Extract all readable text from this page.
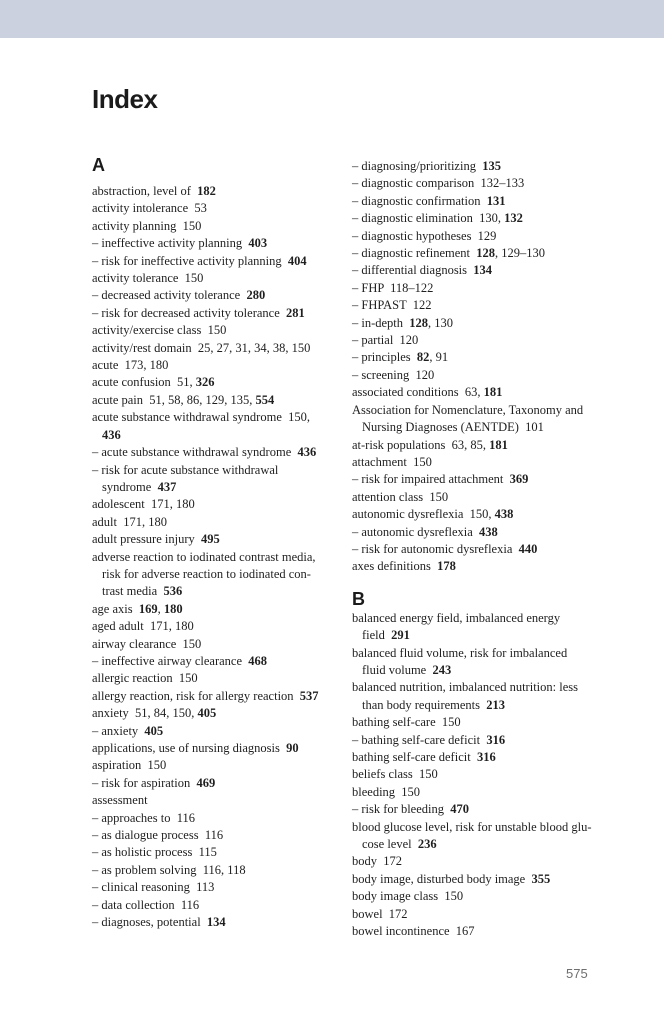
Index
A
abstraction, level of  182
activity intolerance  53
activity planning  150
– ineffective activity planning  403
– risk for ineffective activity planning  404
activity tolerance  150
– decreased activity tolerance  280
– risk for decreased activity tolerance  281
activity/exercise class  150
activity/rest domain  25, 27, 31, 34, 38, 150
acute  173, 180
acute confusion  51, 326
acute pain  51, 58, 86, 129, 135, 554
acute substance withdrawal syndrome  150,
436
– acute substance withdrawal syndrome  436
– risk for acute substance withdrawal
syndrome  437
adolescent  171, 180
adult  171, 180
adult pressure injury  495
adverse reaction to iodinated contrast media,
risk for adverse reaction to iodinated con-
trast media  536
age axis  169, 180
aged adult  171, 180
airway clearance  150
– ineffective airway clearance  468
allergic reaction  150
allergy reaction, risk for allergy reaction  537
anxiety  51, 84, 150, 405
– anxiety  405
applications, use of nursing diagnosis  90
aspiration  150
– risk for aspiration  469
assessment
– approaches to  116
– as dialogue process  116
– as holistic process  115
– as problem solving  116, 118
– clinical reasoning  113
– data collection  116
– diagnoses, potential  134
– diagnosing/prioritizing  135
– diagnostic comparison  132–133
– diagnostic confirmation  131
– diagnostic elimination  130, 132
– diagnostic hypotheses  129
– diagnostic refinement  128, 129–130
– differential diagnosis  134
– FHP  118–122
– FHPAST  122
– in-depth  128, 130
– partial  120
– principles  82, 91
– screening  120
associated conditions  63, 181
Association for Nomenclature, Taxonomy and
Nursing Diagnoses (AENTDE)  101
at-risk populations  63, 85, 181
attachment  150
– risk for impaired attachment  369
attention class  150
autonomic dysreflexia  150, 438
– autonomic dysreflexia  438
– risk for autonomic dysreflexia  440
axes definitions  178
B
balanced energy field, imbalanced energy
field  291
balanced fluid volume, risk for imbalanced
fluid volume  243
balanced nutrition, imbalanced nutrition: less
than body requirements  213
bathing self-care  150
– bathing self-care deficit  316
bathing self-care deficit  316
beliefs class  150
bleeding  150
– risk for bleeding  470
blood glucose level, risk for unstable blood glu-
cose level  236
body  172
body image, disturbed body image  355
body image class  150
bowel  172
bowel incontinence  167
575
